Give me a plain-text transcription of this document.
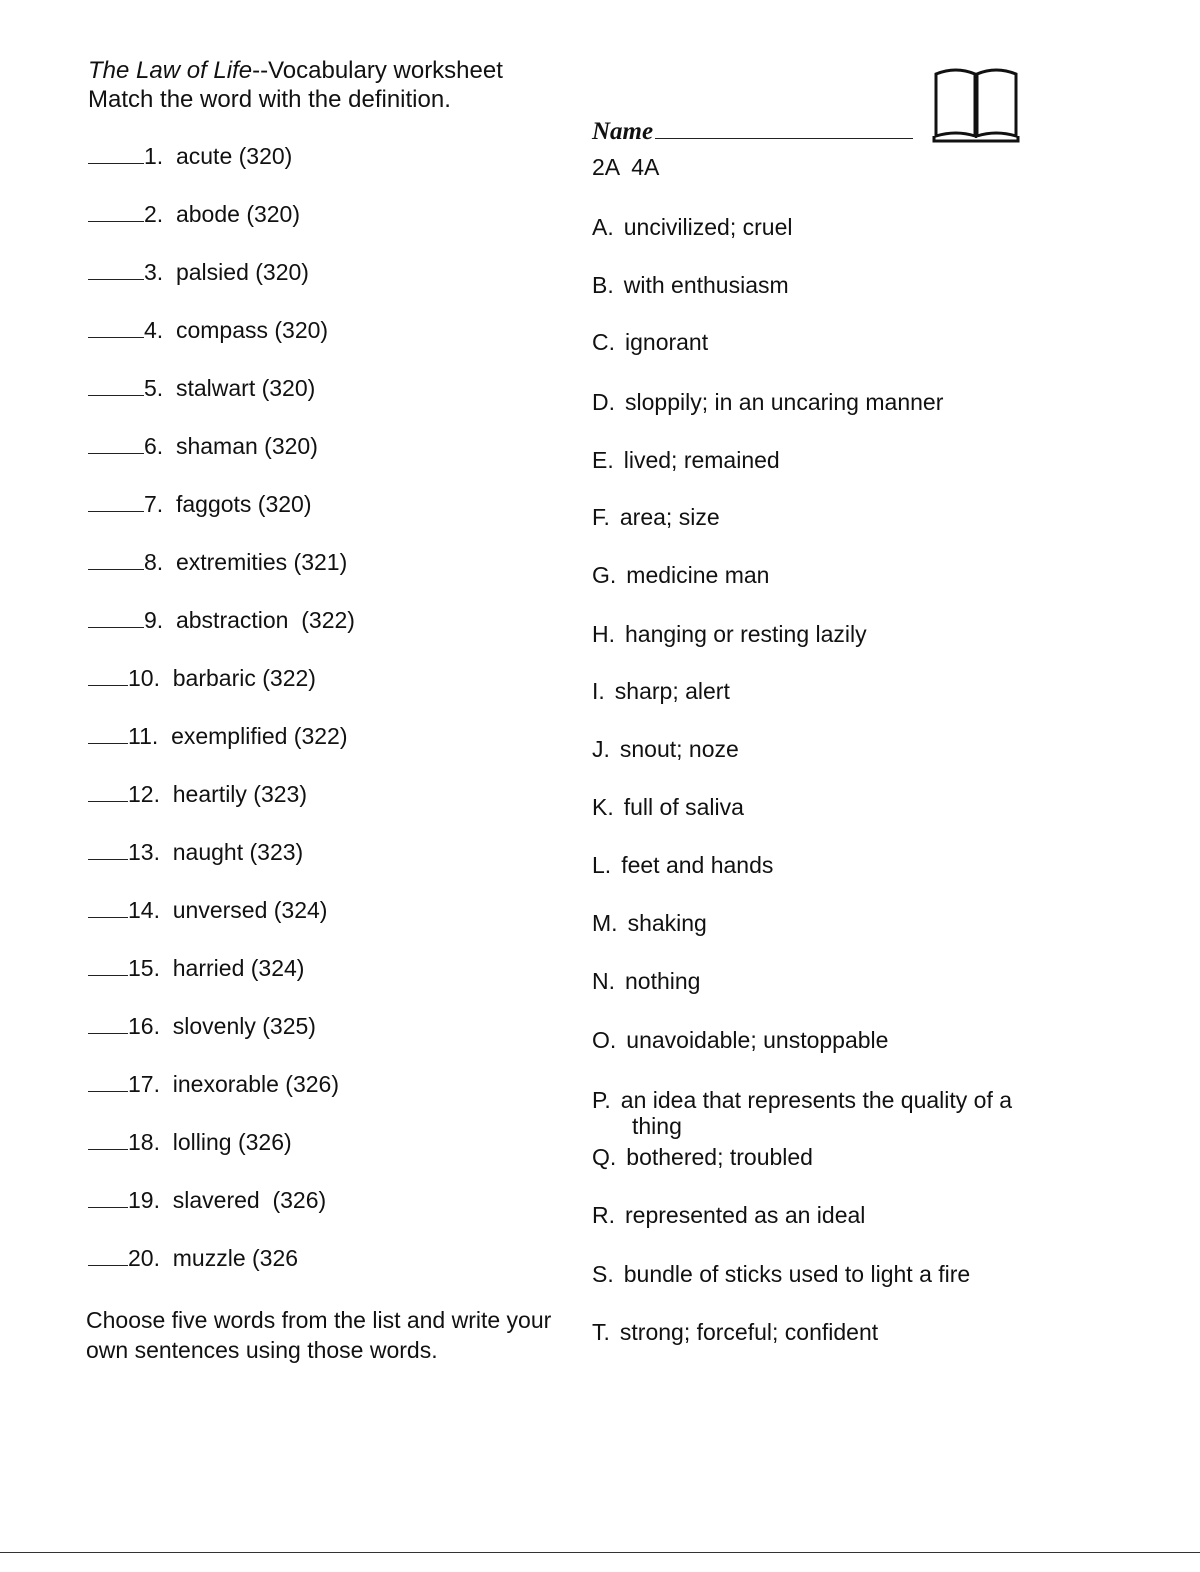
The Law of Life--Vocabulary worksheet
Match the word with the definition.
Name
2A 4A
1. acute (320)
2. abode (320)
3. palsied (320)
4. compass (320)
5. stalwart (320)
6. shaman (320)
7. faggots (320)
8. extremities (321)
9. abstraction  (322)
10. barbaric (322)
11. exemplified (322)
12. heartily (323)
13. naught (323)
14. unversed (324)
15. harried (324)
16. slovenly (325)
17. inexorable (326)
18. lolling (326)
19. slavered  (326)
20. muzzle (326
A. uncivilized; cruel
B. with enthusiasm
C. ignorant
D. sloppily; in an uncaring manner
E. lived; remained
F. area; size
G. medicine man
H. hanging or resting lazily
I. sharp; alert
J. snout; noze
K. full of saliva
L. feet and hands
M. shaking
N. nothing
O. unavoidable; unstoppable
P. an idea that represents the quality of a
thing
Q. bothered; troubled
R. represented as an ideal
S. bundle of sticks used to light a fire
T. strong; forceful; confident
Choose five words from the list and write your own sentences using those words.
